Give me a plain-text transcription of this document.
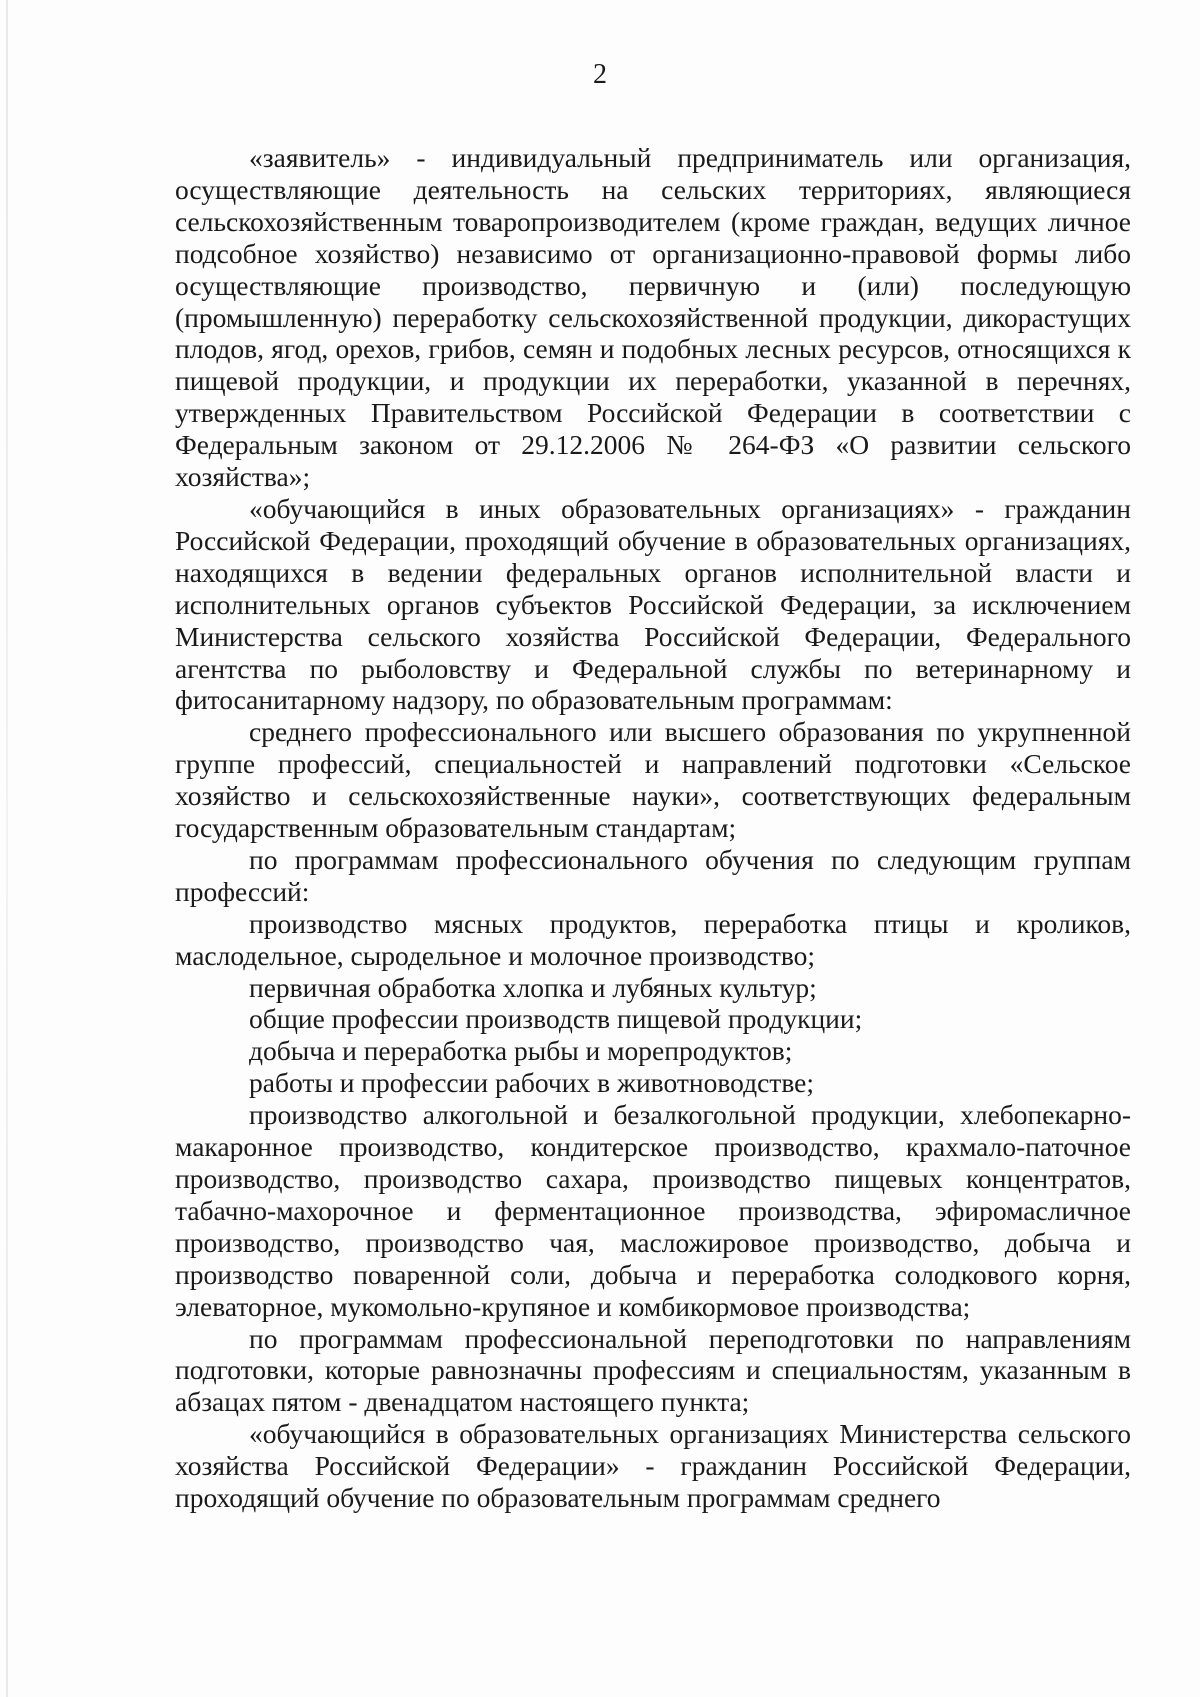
2

«заявитель» - индивидуальный предприниматель или организация, осуществляющие деятельность на сельских территориях, являющиеся сельскохозяйственным товаропроизводителем (кроме граждан, ведущих личное подсобное хозяйство) независимо от организационно-правовой формы либо осуществляющие производство, первичную и (или) последующую (промышленную) переработку сельскохозяйственной продукции, дикорастущих плодов, ягод, орехов, грибов, семян и подобных лесных ресурсов, относящихся к пищевой продукции, и продукции их переработки, указанной в перечнях, утвержденных Правительством Российской Федерации в соответствии с Федеральным законом от 29.12.2006 № 264-ФЗ «О развитии сельского хозяйства»;

«обучающийся в иных образовательных организациях» - гражданин Российской Федерации, проходящий обучение в образовательных организациях, находящихся в ведении федеральных органов исполнительной власти и исполнительных органов субъектов Российской Федерации, за исключением Министерства сельского хозяйства Российской Федерации, Федерального агентства по рыболовству и Федеральной службы по ветеринарному и фитосанитарному надзору, по образовательным программам:

среднего профессионального или высшего образования по укрупненной группе профессий, специальностей и направлений подготовки «Сельское хозяйство и сельскохозяйственные науки», соответствующих федеральным государственным образовательным стандартам;

по программам профессионального обучения по следующим группам профессий:

производство мясных продуктов, переработка птицы и кроликов, маслодельное, сыродельное и молочное производство;

первичная обработка хлопка и лубяных культур;

общие профессии производств пищевой продукции;

добыча и переработка рыбы и морепродуктов;

работы и профессии рабочих в животноводстве;

производство алкогольной и безалкогольной продукции, хлебопекарно-макаронное производство, кондитерское производство, крахмало-паточное производство, производство сахара, производство пищевых концентратов, табачно-махорочное и ферментационное производства, эфиромасличное производство, производство чая, масложировое производство, добыча и производство поваренной соли, добыча и переработка солодкового корня, элеваторное, мукомольно-крупяное и комбикормовое производства;

по программам профессиональной переподготовки по направлениям подготовки, которые равнозначны профессиям и специальностям, указанным в абзацах пятом - двенадцатом настоящего пункта;

«обучающийся в образовательных организациях Министерства сельского хозяйства Российской Федерации» - гражданин Российской Федерации, проходящий обучение по образовательным программам среднего
